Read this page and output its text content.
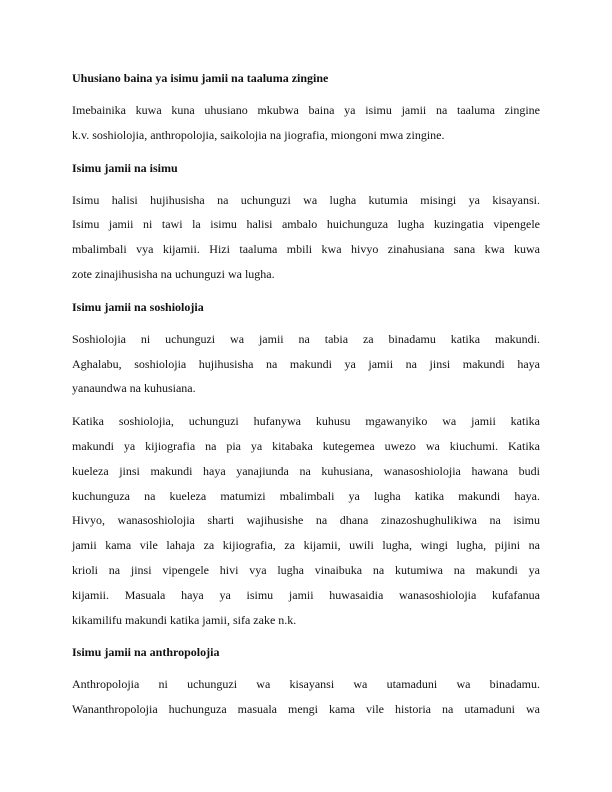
Uhusiano baina ya isimu jamii na taaluma zingine
Imebainika kuwa kuna uhusiano mkubwa baina ya isimu jamii na taaluma zingine
k.v. soshiolojia, anthropolojia, saikolojia na jiografia, miongoni mwa zingine.
Isimu jamii na isimu
Isimu halisi hujihusisha na uchunguzi wa lugha kutumia misingi ya kisayansi.
Isimu jamii ni tawi la isimu halisi ambalo huichunguza lugha kuzingatia vipengele
mbalimbali vya kijamii. Hizi taaluma mbili kwa hivyo zinahusiana sana kwa kuwa
zote zinajihusisha na uchunguzi wa lugha.
Isimu jamii na soshiolojia
Soshiolojia ni uchunguzi wa jamii na tabia za binadamu katika makundi.
Aghalabu, soshiolojia hujihusisha na makundi ya jamii na jinsi makundi haya
yanaundwa na kuhusiana.
Katika soshiolojia, uchunguzi hufanywa kuhusu mgawanyiko wa jamii katika
makundi ya kijiografia na pia ya kitabaka kutegemea uwezo wa kiuchumi. Katika
kueleza jinsi makundi haya yanajiunda na kuhusiana, wanasoshiolojia hawana budi
kuchunguza na kueleza matumizi mbalimbali ya lugha katika makundi haya.
Hivyo, wanasoshiolojia sharti wajihusishe na dhana zinazoshughulikiwa na isimu
jamii kama vile lahaja za kijiografia, za kijamii, uwili lugha, wingi lugha, pijini na
krioli na jinsi vipengele hivi vya lugha vinaibuka na kutumiwa na makundi ya
kijamii. Masuala haya ya isimu jamii huwasaidia wanasoshiolojia kufafanua
kikamilifu makundi katika jamii, sifa zake n.k.
Isimu jamii na anthropolojia
Anthropolojia ni uchunguzi wa kisayansi wa utamaduni wa binadamu.
Wananthropolojia huchunguza masuala mengi kama vile historia na utamaduni wa
